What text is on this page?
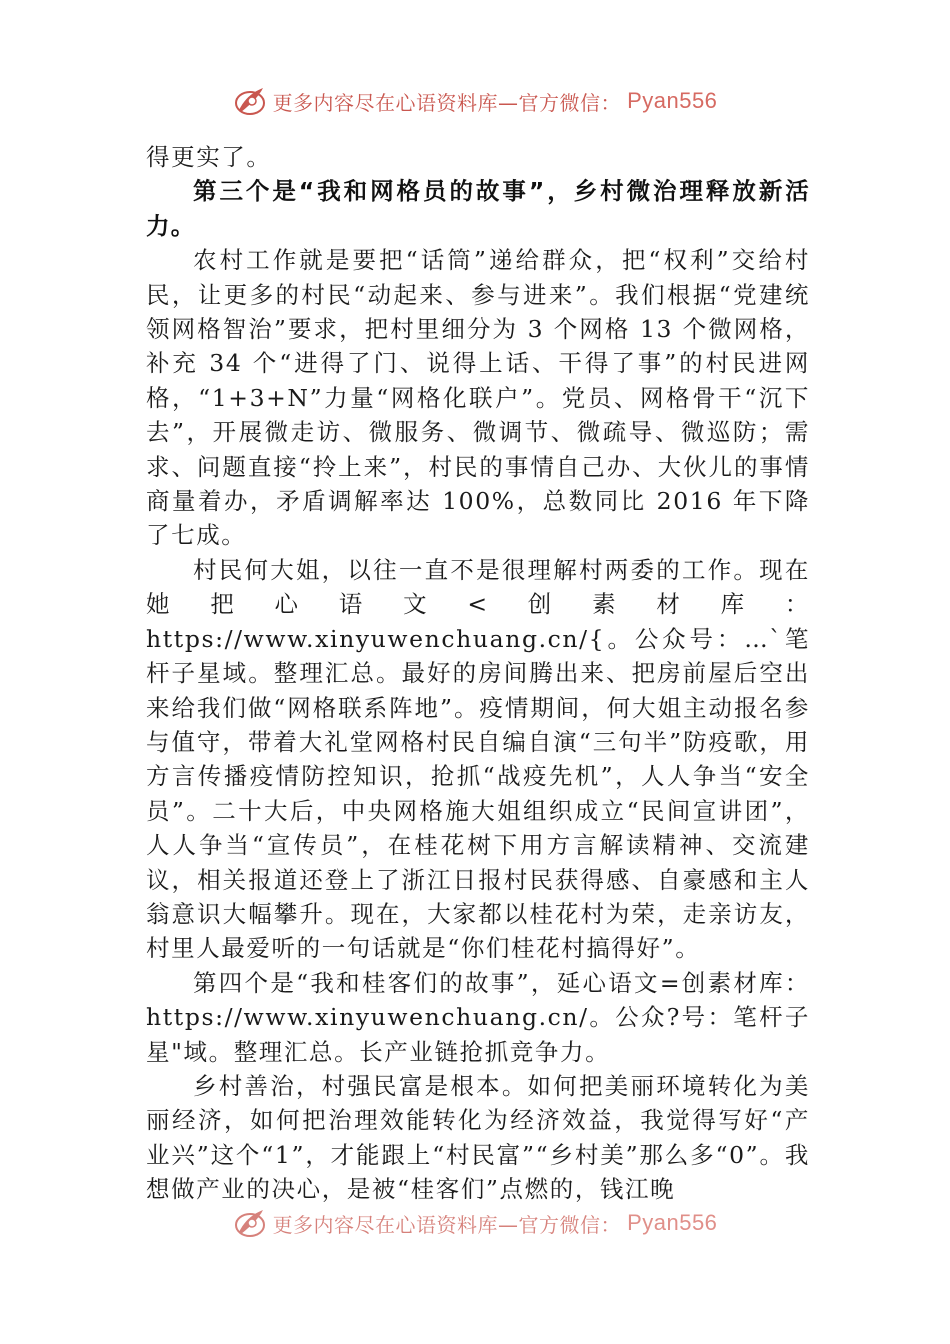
更多内容尽在心语资料库—官方微信： Pyan556

得更实了。

第三个是“我和网格员的故事”，乡村微治理释放新活力。

农村工作就是要把“话筒”递给群众，把“权利”交给村民，让更多的村民“动起来、参与进来”。我们根据“党建统领网格智治”要求，把村里细分为 3 个网格 13 个微网格，补充 34 个“进得了门、说得上话、干得了事”的村民进网格，“1+3+N”力量“网格化联户”。党员、网格骨干“沉下去”，开展微走访、微服务、微调节、微疏导、微巡防；需求、问题直接“拎上来”，村民的事情自己办、大伙儿的事情商量着办，矛盾调解率达 100%，总数同比 2016 年下降了七成。

村民何大姐，以往一直不是很理解村两委的工作。现在她把心语文<创素材库：https://www.xinyuwenchuang.cn/{。公众号：…`笔杆子星域。整理汇总。最好的房间腾出来、把房前屋后空出来给我们做“网格联系阵地”。疫情期间，何大姐主动报名参与值守，带着大礼堂网格村民自编自演“三句半”防疫歌，用方言传播疫情防控知识，抢抓“战疫先机”，人人争当“安全员”。二十大后，中央网格施大姐组织成立“民间宣讲团”，人人争当“宣传员”，在桂花树下用方言解读精神、交流建议，相关报道还登上了浙江日报村民获得感、自豪感和主人翁意识大幅攀升。现在，大家都以桂花村为荣，走亲访友，村里人最爱听的一句话就是“你们桂花村搞得好”。

第四个是“我和桂客们的故事”，延心语文=创素材库：https://www.xinyuwenchuang.cn/。公众?号：笔杆子星"域。整理汇总。长产业链抢抓竞争力。

乡村善治，村强民富是根本。如何把美丽环境转化为美丽经济，如何把治理效能转化为经济效益，我觉得写好“产业兴”这个“1”，才能跟上“村民富”“乡村美”那么多“0”。我想做产业的决心，是被“桂客们”点燃的，钱江晚

更多内容尽在心语资料库—官方微信： Pyan556
